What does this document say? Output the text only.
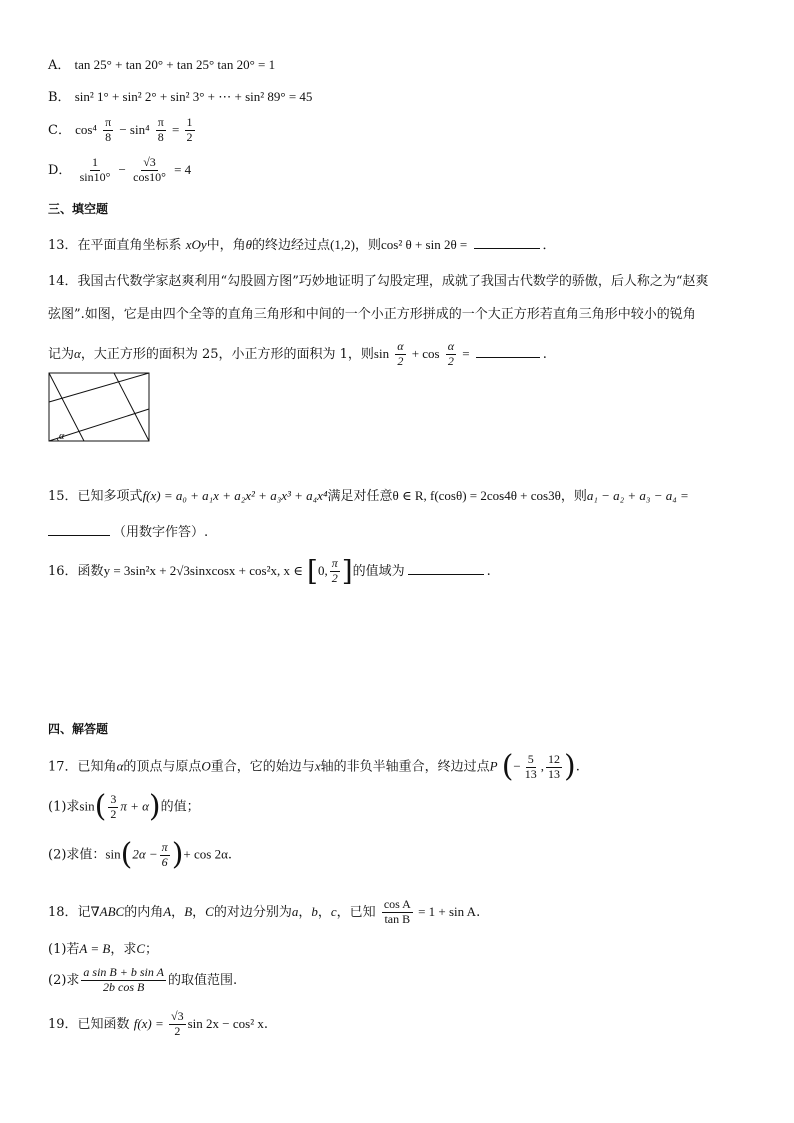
A． tan 25° + tan 20° + tan 25° tan 20° = 1
B． sin² 1° + sin² 2° + sin² 3° + ⋯ + sin² 89° = 45
C． $\cos^4 \frac{\pi}{8} - \sin^4 \frac{\pi}{8} = \frac{1}{2}$
D． $\frac{1}{\sin 10^\circ} - \frac{√3}{\cos 10^\circ} = 4$
三、填空题
13．在平面直角坐标系 xOy中，角θ的终边经过点(1,2)，则cos² θ + sin 2θ =	．
14．我国古代数学家赵爽利用“勾股圆方图”巧妙地证明了勾股定理，成就了我国古代数学的骄傲，后人称之为“赵爽
弦图”.如图，它是由四个全等的直角三角形和中间的一个小正方形拼成的一个大正方形若直角三角形中较小的锐角
记为α，大正方形的面积为 25，小正方形的面积为 1，则$\sin \frac{\alpha}{2} + \cos \frac{\alpha}{2}$ =	.
α
15．已知多项式f(x) = a₀ + a₁x + a₂x² + a₃x³ + a₄x⁴满足对任意θ ∈ R, f(cosθ) = 2cos4θ + cos3θ，则a₁ − a₂ + a₃ − a₄ =
（用数字作答）.
16．函数y = 3sin²x + 2√3sinxcosx + cos²x, x ∈ [0, $\frac{\pi}{2}$ ]的值域为	.
四、解答题
17．已知角α的顶点与原点O重合，它的始边与x轴的非负半轴重合，终边过点P (− $\frac{5}{13}$ , $\frac{12}{13}$ ).
(1)求$\sin( \frac{3}{2}$ π + α)的值；
(2)求值：$\sin(2\alpha - \frac{\pi}{6}$ )+ cos 2α.
18．记∇ABC的内角A，B，C的对边分别为a，b，c，已知 $\frac{\text{cos A}}{\text{tan B}} = 1 + \sin A$.
(1)若A = B，求C；
(2)求 $\frac{\text{a sin B + b sin A}}{\text{2b cos B}}$ 的取值范围.
19．已知函数 $f(x) = \frac{√3}{2}$ sin 2x − cos² x.
